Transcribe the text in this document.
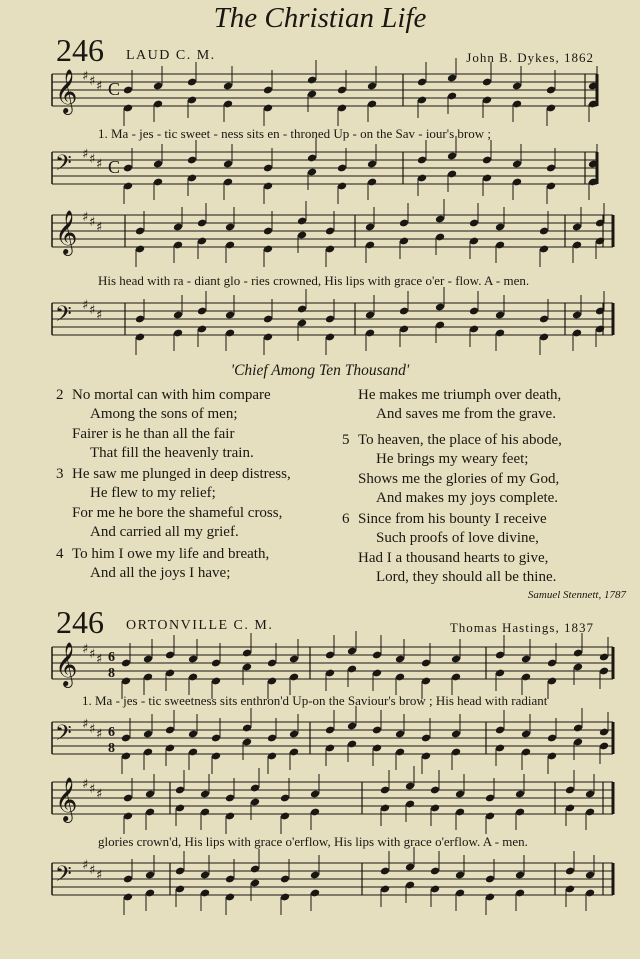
The Christian Life
246 LAUD C. M.	John B. Dykes, 1862
𝄞 ♯ ♯ ♯ C
1. Ma - jes - tic sweet - ness sits en - throned Up - on the Sav - iour's brow ;
𝄢 ♯ ♯ ♯ C
𝄞 ♯ ♯ ♯
His head with ra - diant glo - ries crowned, His lips with grace o'er - flow. A - men.
𝄢 ♯ ♯ ♯
'Chief Among Ten Thousand'
2 No mortal can with him compare
Among the sons of men;
Fairer is he than all the fair
That fill the heavenly train.
3 He saw me plunged in deep distress,
He flew to my relief;
For me he bore the shameful cross,
And carried all my grief.
4 To him I owe my life and breath,
And all the joys I have;
He makes me triumph over death,
And saves me from the grave.
5 To heaven, the place of his abode,
He brings my weary feet;
Shows me the glories of my God,
And makes my joys complete.
6 Since from his bounty I receive
Such proofs of love divine,
Had I a thousand hearts to give,
Lord, they should all be thine.
Samuel Stennett, 1787
246 ORTONVILLE C. M.	Thomas Hastings, 1837
𝄞 ♯ ♯ ♯ 6
8
1. Ma - jes - tic sweetness sits enthron'd Up-on the Saviour's brow ; His head with radiant
𝄢 ♯ ♯ ♯ 6
8
𝄞 ♯ ♯ ♯
glories crown'd, His lips with grace o'erflow, His lips with grace o'erflow. A - men.
𝄢 ♯ ♯ ♯
